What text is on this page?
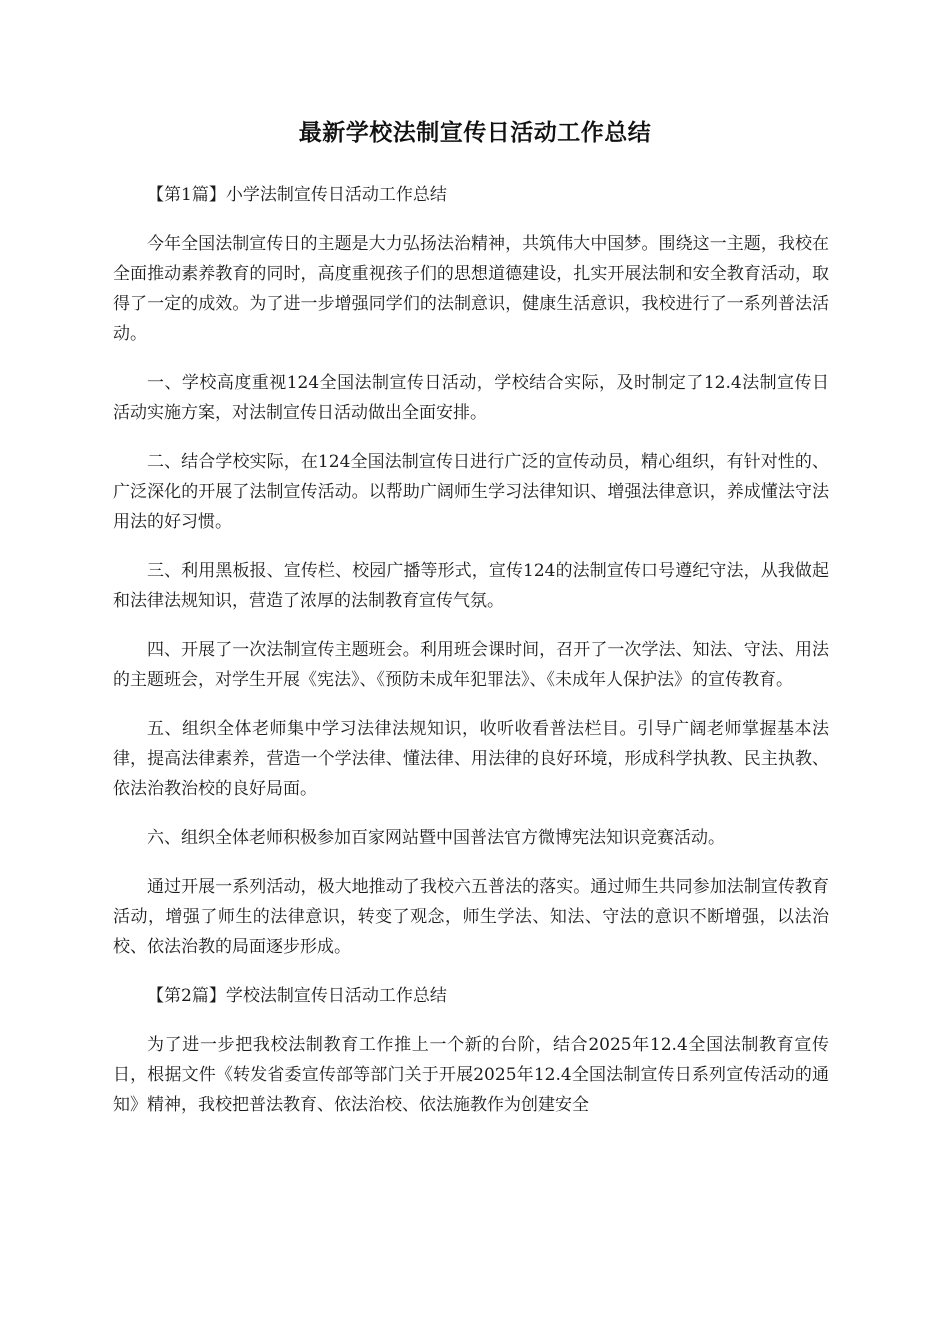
最新学校法制宣传日活动工作总结

【第1篇】小学法制宣传日活动工作总结

今年全国法制宣传日的主题是大力弘扬法治精神，共筑伟大中国梦。围绕这一主题，我校在全面推动素养教育的同时，高度重视孩子们的思想道德建设，扎实开展法制和安全教育活动，取得了一定的成效。为了进一步增强同学们的法制意识，健康生活意识，我校进行了一系列普法活动。

一、学校高度重视124全国法制宣传日活动，学校结合实际，及时制定了12.4法制宣传日活动实施方案，对法制宣传日活动做出全面安排。

二、结合学校实际，在124全国法制宣传日进行广泛的宣传动员，精心组织，有针对性的、广泛深化的开展了法制宣传活动。以帮助广阔师生学习法律知识、增强法律意识，养成懂法守法用法的好习惯。

三、利用黑板报、宣传栏、校园广播等形式，宣传124的法制宣传口号遵纪守法，从我做起和法律法规知识，营造了浓厚的法制教育宣传气氛。

四、开展了一次法制宣传主题班会。利用班会课时间，召开了一次学法、知法、守法、用法的主题班会，对学生开展《宪法》、《预防未成年犯罪法》、《未成年人保护法》的宣传教育。

五、组织全体老师集中学习法律法规知识，收听收看普法栏目。引导广阔老师掌握基本法律，提高法律素养，营造一个学法律、懂法律、用法律的良好环境，形成科学执教、民主执教、依法治教治校的良好局面。

六、组织全体老师积极参加百家网站暨中国普法官方微博宪法知识竞赛活动。

通过开展一系列活动，极大地推动了我校六五普法的落实。通过师生共同参加法制宣传教育活动，增强了师生的法律意识，转变了观念，师生学法、知法、守法的意识不断增强，以法治校、依法治教的局面逐步形成。

【第2篇】学校法制宣传日活动工作总结

为了进一步把我校法制教育工作推上一个新的台阶，结合2025年12.4全国法制教育宣传日，根据文件《转发省委宣传部等部门关于开展2025年12.4全国法制宣传日系列宣传活动的通知》精神，我校把普法教育、依法治校、依法施教作为创建安全
